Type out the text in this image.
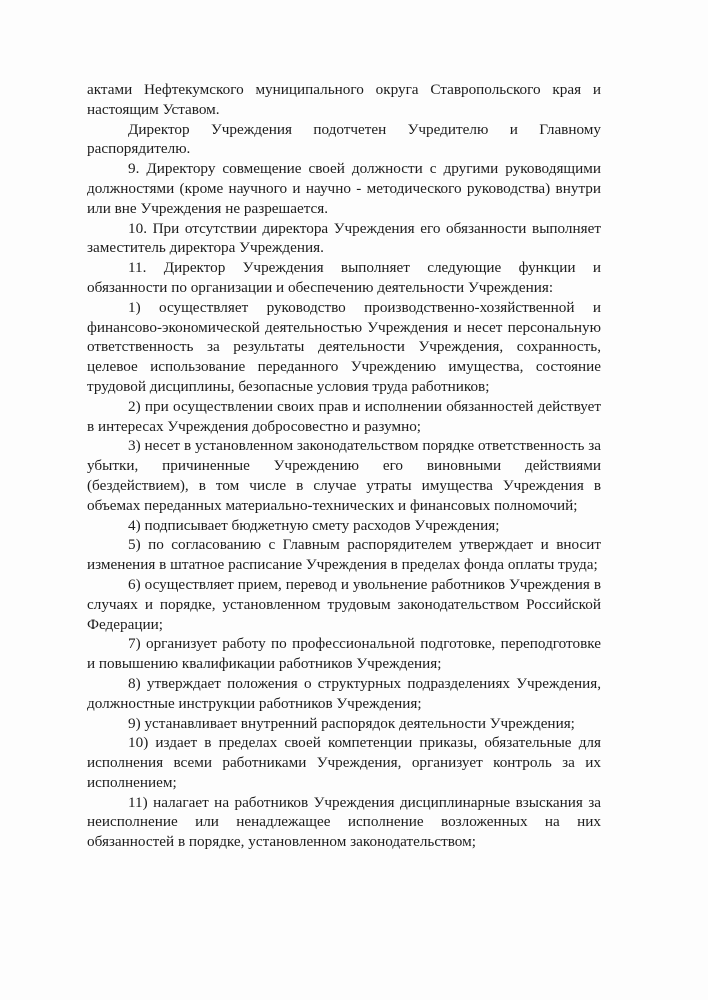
актами Нефтекумского муниципального округа Ставропольского края и настоящим Уставом.

Директор Учреждения подотчетен Учредителю и Главному распорядителю.

9. Директору совмещение своей должности с другими руководящими должностями (кроме научного и научно - методического руководства) внутри или вне Учреждения не разрешается.

10. При отсутствии директора Учреждения его обязанности выполняет заместитель директора Учреждения.

11. Директор Учреждения выполняет следующие функции и обязанности по организации и обеспечению деятельности Учреждения:

1) осуществляет руководство производственно-хозяйственной и финансово-экономической деятельностью Учреждения и несет персональную ответственность за результаты деятельности Учреждения, сохранность, целевое использование переданного Учреждению имущества, состояние трудовой дисциплины, безопасные условия труда работников;

2) при осуществлении своих прав и исполнении обязанностей действует в интересах Учреждения добросовестно и разумно;

3) несет в установленном законодательством порядке ответственность за убытки, причиненные Учреждению его виновными действиями (бездействием), в том числе в случае утраты имущества Учреждения в объемах переданных материально-технических и финансовых полномочий;

4) подписывает бюджетную смету расходов Учреждения;

5) по согласованию с Главным распорядителем утверждает и вносит изменения в штатное расписание Учреждения в пределах фонда оплаты труда;

6) осуществляет прием, перевод и увольнение работников Учреждения в случаях и порядке, установленном трудовым законодательством Российской Федерации;

7) организует работу по профессиональной подготовке, переподготовке и повышению квалификации работников Учреждения;

8) утверждает положения о структурных подразделениях Учреждения, должностные инструкции работников Учреждения;

9) устанавливает внутренний распорядок деятельности Учреждения;

10) издает в пределах своей компетенции приказы, обязательные для исполнения всеми работниками Учреждения, организует контроль за их исполнением;

11) налагает на работников Учреждения дисциплинарные взыскания за неисполнение или ненадлежащее исполнение возложенных на них обязанностей в порядке, установленном законодательством;
